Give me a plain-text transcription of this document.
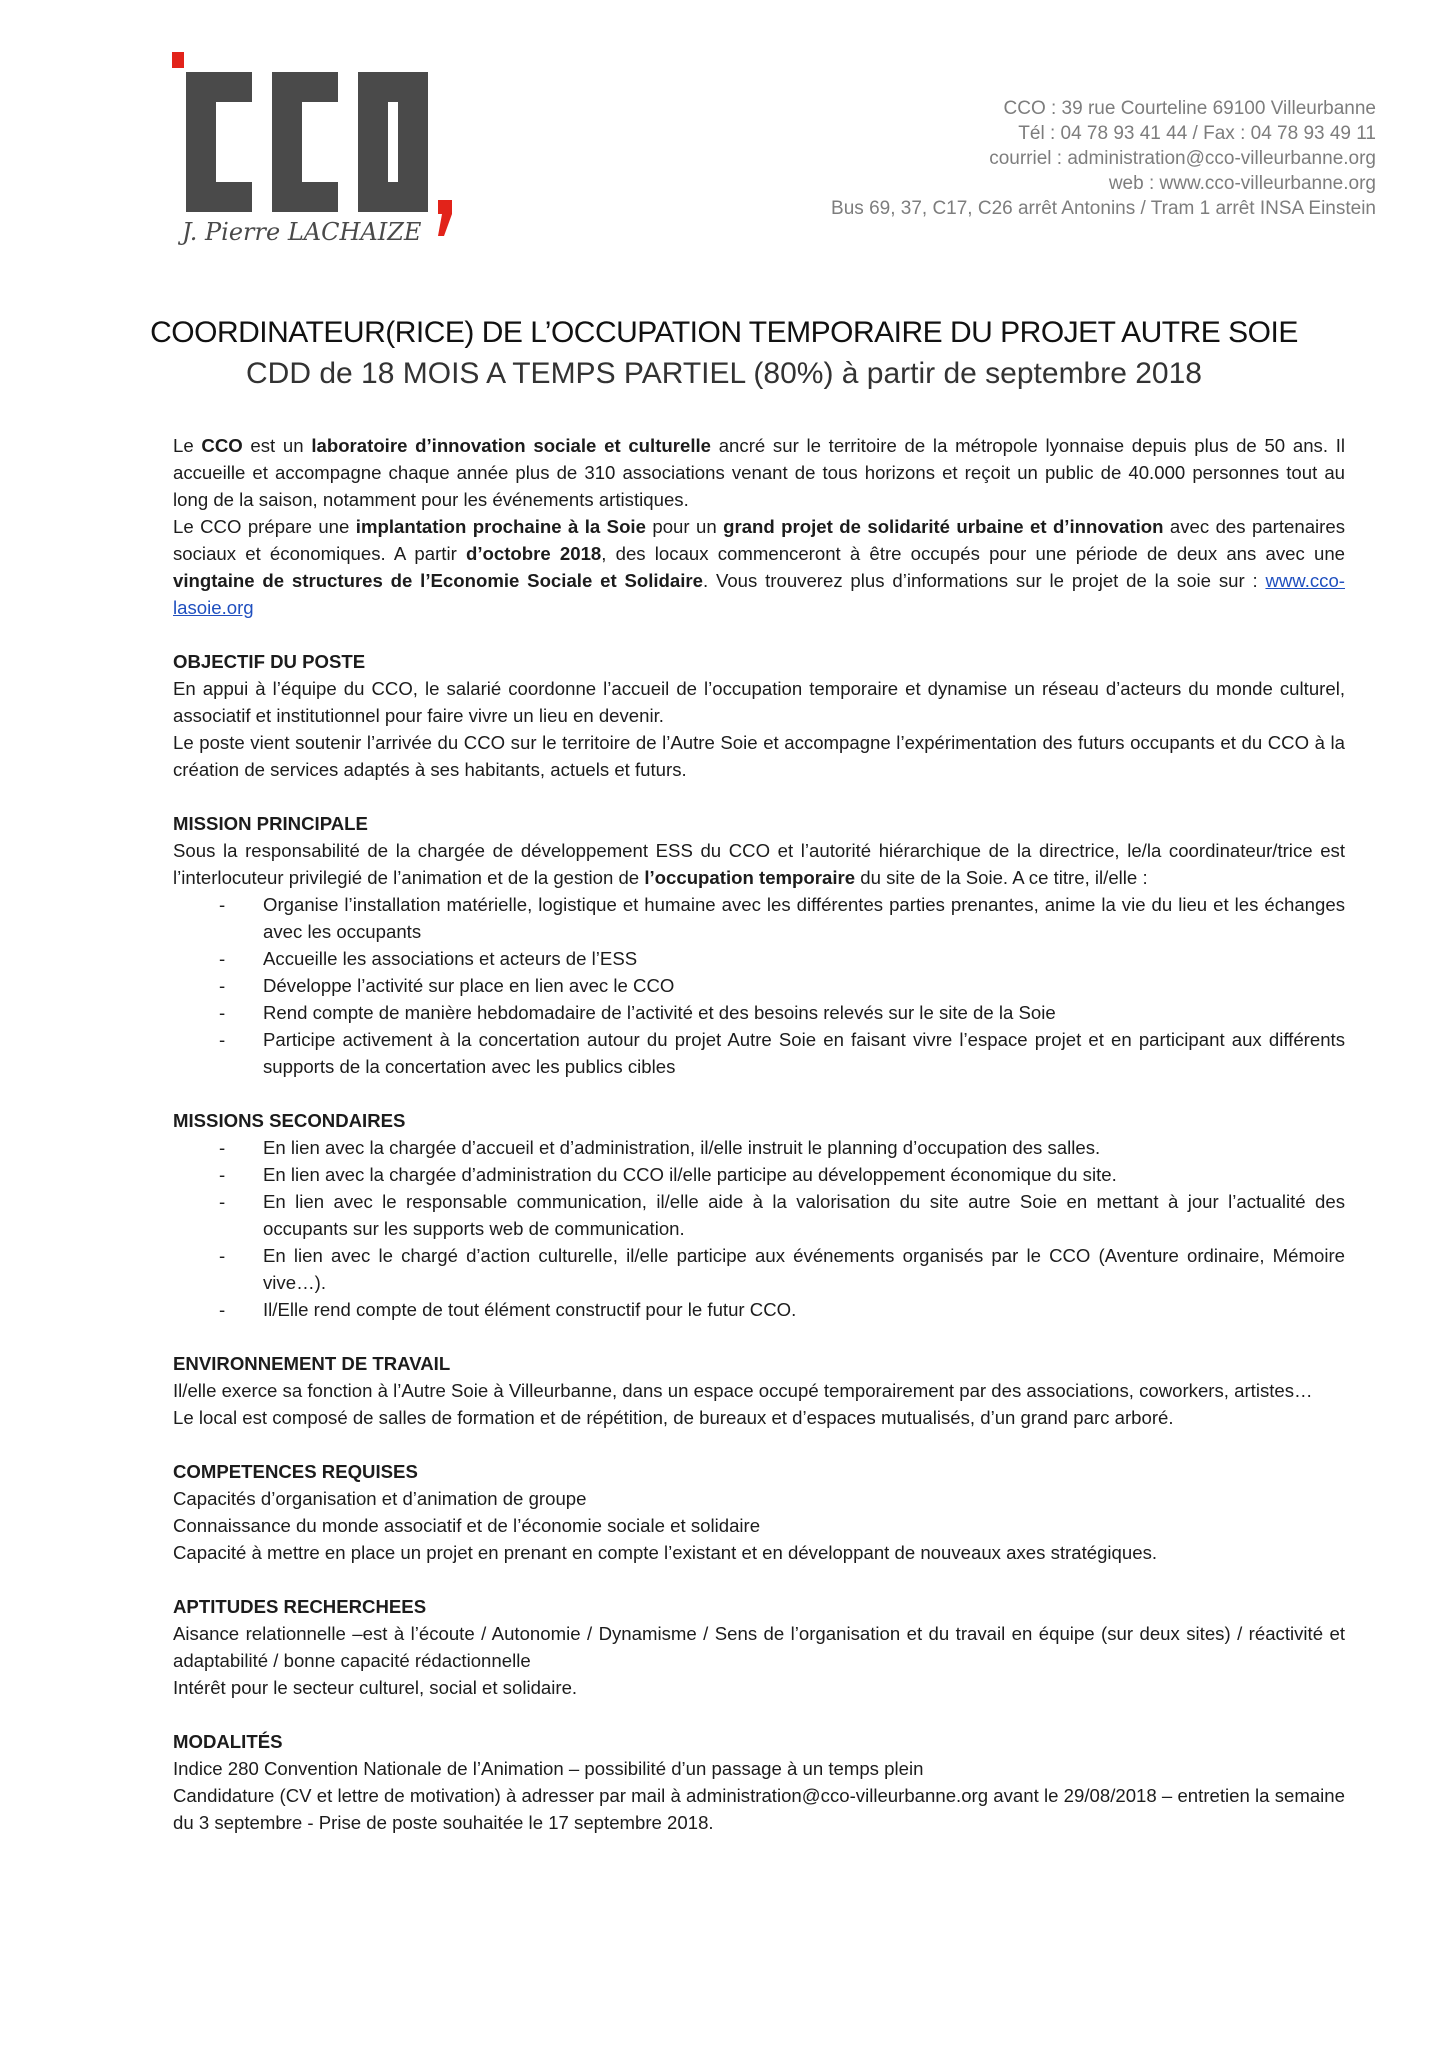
J. Pierre LACHAIZE
CCO : 39 rue Courteline 69100 Villeurbanne
Tél : 04 78 93 41 44 / Fax : 04 78 93 49 11
courriel : administration@cco-villeurbanne.org
web : www.cco-villeurbanne.org
Bus 69, 37, C17, C26 arrêt Antonins / Tram 1 arrêt INSA Einstein
COORDINATEUR(RICE) DE L’OCCUPATION TEMPORAIRE DU PROJET AUTRE SOIE
CDD de 18 MOIS A TEMPS PARTIEL (80%) à partir de septembre 2018

Le CCO est un laboratoire d’innovation sociale et culturelle ancré sur le territoire de la métropole lyonnaise depuis plus de 50 ans. Il accueille et accompagne chaque année plus de 310 associations venant de tous horizons et reçoit un public de 40.000 personnes tout au long de la saison, notamment pour les événements artistiques.

Le CCO prépare une implantation prochaine à la Soie pour un grand projet de solidarité urbaine et d’innovation avec des partenaires sociaux et économiques. A partir d’octobre 2018, des locaux commenceront à être occupés pour une période de deux ans avec une vingtaine de structures de l’Economie Sociale et Solidaire. Vous trouverez plus d’informations sur le projet de la soie sur : www.cco-lasoie.org

OBJECTIF DU POSTE

En appui à l’équipe du CCO, le salarié coordonne l’accueil de l’occupation temporaire et dynamise un réseau d’acteurs du monde culturel, associatif et institutionnel pour faire vivre un lieu en devenir.

Le poste vient soutenir l’arrivée du CCO sur le territoire de l’Autre Soie et accompagne l’expérimentation des futurs occupants et du CCO à la création de services adaptés à ses habitants, actuels et futurs.

MISSION PRINCIPALE

Sous la responsabilité de la chargée de développement ESS du CCO et l’autorité hiérarchique de la directrice, le/la coordinateur/trice est l’interlocuteur privilegié de l’animation et de la gestion de l’occupation temporaire du site de la Soie. A ce titre, il/elle :

- Organise l’installation matérielle, logistique et humaine avec les différentes parties prenantes, anime la vie du lieu et les échanges avec les occupants
- Accueille les associations et acteurs de l’ESS
- Développe l’activité sur place en lien avec le CCO
- Rend compte de manière hebdomadaire de l’activité et des besoins relevés sur le site de la Soie
- Participe activement à la concertation autour du projet Autre Soie en faisant vivre l’espace projet et en participant aux différents supports de la concertation avec les publics cibles

MISSIONS SECONDAIRES

- En lien avec la chargée d’accueil et d’administration, il/elle instruit le planning d’occupation des salles.
- En lien avec la chargée d’administration du CCO il/elle participe au développement économique du site.
- En lien avec le responsable communication, il/elle aide à la valorisation du site autre Soie en mettant à jour l’actualité des occupants sur les supports web de communication.
- En lien avec le chargé d’action culturelle, il/elle participe aux événements organisés par le CCO (Aventure ordinaire, Mémoire vive…).
- Il/Elle rend compte de tout élément constructif pour le futur CCO.

ENVIRONNEMENT DE TRAVAIL

Il/elle exerce sa fonction à l’Autre Soie à Villeurbanne, dans un espace occupé temporairement par des associations, coworkers, artistes…

Le local est composé de salles de formation et de répétition, de bureaux et d’espaces mutualisés, d’un grand parc arboré.

COMPETENCES REQUISES

Capacités d’organisation et d’animation de groupe

Connaissance du monde associatif et de l’économie sociale et solidaire

Capacité à mettre en place un projet en prenant en compte l’existant et en développant de nouveaux axes stratégiques.

APTITUDES RECHERCHEES

Aisance relationnelle –est à l’écoute / Autonomie / Dynamisme / Sens de l’organisation et du travail en équipe (sur deux sites) / réactivité et adaptabilité / bonne capacité rédactionnelle

Intérêt pour le secteur culturel, social et solidaire.

MODALITÉS

Indice 280 Convention Nationale de l’Animation – possibilité d’un passage à un temps plein

Candidature (CV et lettre de motivation) à adresser par mail à administration@cco-villeurbanne.org avant le 29/08/2018 – entretien la semaine du 3 septembre - Prise de poste souhaitée le 17 septembre 2018.
